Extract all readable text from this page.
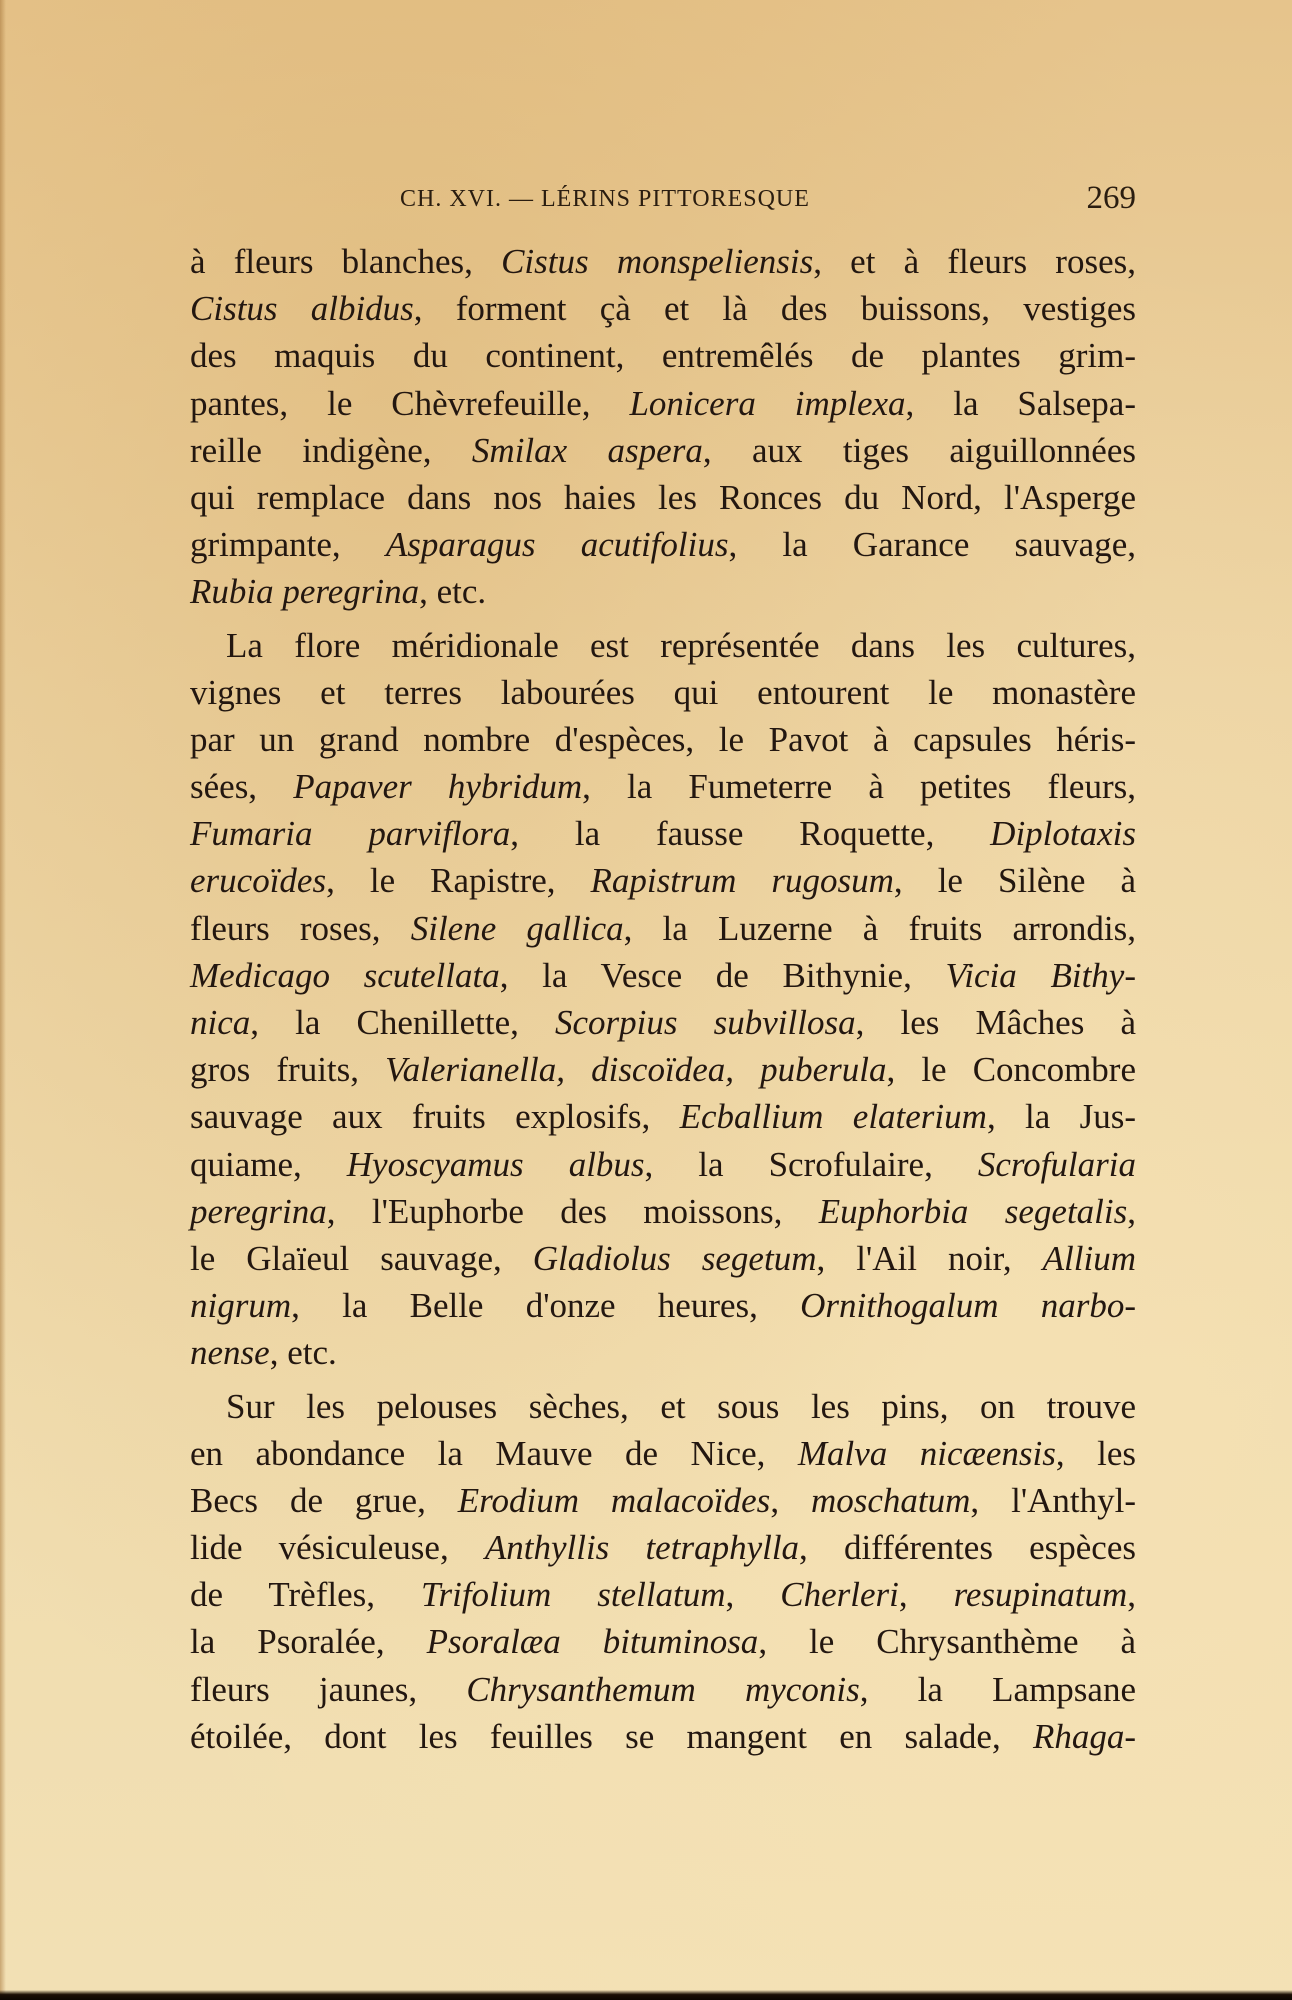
CH. XVI. — LÉRINS PITTORESQUE	269
à fleurs blanches, Cistus monspeliensis, et à fleurs roses,
Cistus albidus, forment çà et là des buissons, vestiges
des maquis du continent, entremêlés de plantes grim-
pantes, le Chèvrefeuille, Lonicera implexa, la Salsepa-
reille indigène, Smilax aspera, aux tiges aiguillonnées
qui remplace dans nos haies les Ronces du Nord, l'Asperge
grimpante, Asparagus acutifolius, la Garance sauvage,
Rubia peregrina, etc.
La flore méridionale est représentée dans les cultures,
vignes et terres labourées qui entourent le monastère
par un grand nombre d'espèces, le Pavot à capsules héris-
sées, Papaver hybridum, la Fumeterre à petites fleurs,
Fumaria parviflora, la fausse Roquette, Diplotaxis
erucoïdes, le Rapistre, Rapistrum rugosum, le Silène à
fleurs roses, Silene gallica, la Luzerne à fruits arrondis,
Medicago scutellata, la Vesce de Bithynie, Vicia Bithy-
nica, la Chenillette, Scorpius subvillosa, les Mâches à
gros fruits, Valerianella, discoïdea, puberula, le Concombre
sauvage aux fruits explosifs, Ecballium elaterium, la Jus-
quiame, Hyoscyamus albus, la Scrofulaire, Scrofularia
peregrina, l'Euphorbe des moissons, Euphorbia segetalis,
le Glaïeul sauvage, Gladiolus segetum, l'Ail noir, Allium
nigrum, la Belle d'onze heures, Ornithogalum narbo-
nense, etc.
Sur les pelouses sèches, et sous les pins, on trouve
en abondance la Mauve de Nice, Malva nicæensis, les
Becs de grue, Erodium malacoïdes, moschatum, l'Anthyl-
lide vésiculeuse, Anthyllis tetraphylla, différentes espèces
de Trèfles, Trifolium stellatum, Cherleri, resupinatum,
la Psoralée, Psoralæa bituminosa, le Chrysanthème à
fleurs jaunes, Chrysanthemum myconis, la Lampsane
étoilée, dont les feuilles se mangent en salade, Rhaga-
